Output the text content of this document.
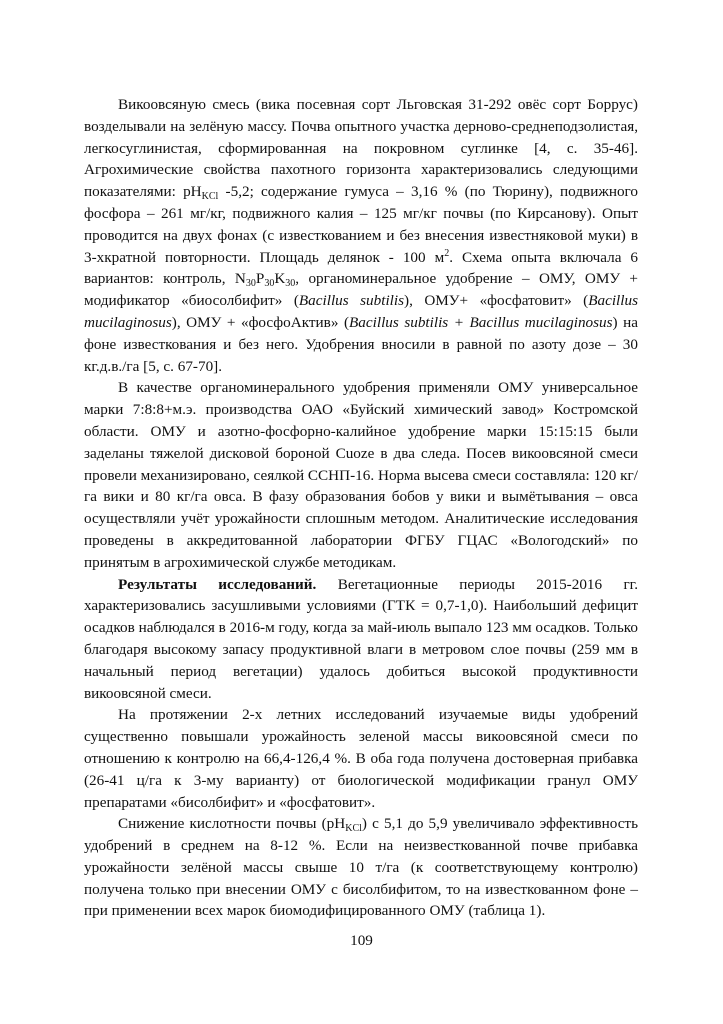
Викоовсяную смесь (вика посевная сорт Льговская 31-292 овёс сорт Боррус) возделывали на зелёную массу. Почва опытного участка дерново-среднеподзолистая, легкосуглинистая, сформированная на покровном суглинке [4, с. 35-46]. Агрохимические свойства пахотного горизонта характеризовались следующими показателями: $рН_{KCl}$ -5,2; содержание гумуса – 3,16 % (по Тюрину), подвижного фосфора – 261 мг/кг, подвижного калия – 125 мг/кг почвы (по Кирсанову). Опыт проводится на двух фонах (с известкованием и без внесения известняковой муки) в 3-хкратной повторности. Площадь делянок - 100 $м^2$. Схема опыта включала 6 вариантов: контроль, $N_{30}P_{30}K_{30}$, органоминеральное удобрение – ОМУ, ОМУ + модификатор «биосолбифит» (Bacillus subtilis), ОМУ+ «фосфатовит» (Bacillus mucilaginosus), ОМУ + «фосфоАктив» (Bacillus subtilis + Bacillus mucilaginosus) на фоне известкования и без него. Удобрения вносили в равной по азоту дозе – 30 кг.д.в./га [5, с. 67-70].

В качестве органоминерального удобрения применяли ОМУ универсальное марки 7:8:8+м.э. производства ОАО «Буйский химический завод» Костромской области. ОМУ и азотно-фосфорно-калийное удобрение марки 15:15:15 были заделаны тяжелой дисковой бороной Cuoze в два следа. Посев викоовсяной смеси провели механизировано, сеялкой ССНП-16. Норма высева смеси составляла: 120 кг/га вики и 80 кг/га овса. В фазу образования бобов у вики и вымётывания – овса осуществляли учёт урожайности сплошным методом. Аналитические исследования проведены в аккредитованной лаборатории ФГБУ ГЦАС «Вологодский» по принятым в агрохимической службе методикам.

Результаты исследований. Вегетационные периоды 2015-2016 гг. характеризовались засушливыми условиями (ГТК = 0,7-1,0). Наибольший дефицит осадков наблюдался в 2016-м году, когда за май-июль выпало 123 мм осадков. Только благодаря высокому запасу продуктивной влаги в метровом слое почвы (259 мм в начальный период вегетации) удалось добиться высокой продуктивности викоовсяной смеси.

На протяжении 2-х летних исследований изучаемые виды удобрений существенно повышали урожайность зеленой массы викоовсяной смеси по отношению к контролю на 66,4-126,4 %. В оба года получена достоверная прибавка (26-41 ц/га к 3-му варианту) от биологической модификации гранул ОМУ препаратами «бисолбифит» и «фосфатовит».

Снижение кислотности почвы $(рН_{KCl})$ с 5,1 до 5,9 увеличивало эффективность удобрений в среднем на 8-12 %. Если на неизвесткованной почве прибавка урожайности зелёной массы свыше 10 т/га (к соответствующему контролю) получена только при внесении ОМУ с бисолбифитом, то на известкованном фоне – при применении всех марок биомодифицированного ОМУ (таблица 1).

109
